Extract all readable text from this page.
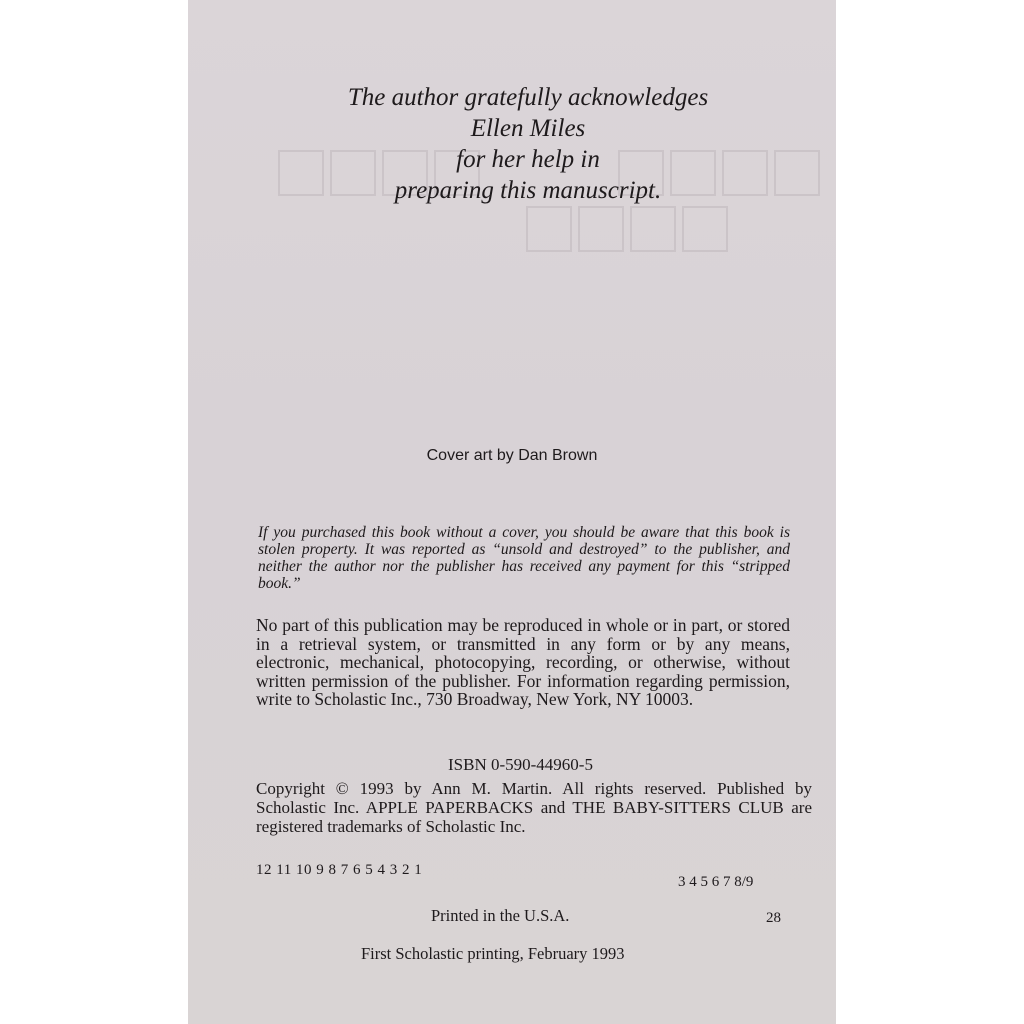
The author gratefully acknowledges
Ellen Miles
for her help in
preparing this manuscript.
Cover art by Dan Brown
If you purchased this book without a cover, you should be aware that this book is stolen property. It was reported as “unsold and destroyed” to the publisher, and neither the author nor the publisher has received any payment for this “stripped book.”
No part of this publication may be reproduced in whole or in part, or stored in a retrieval system, or transmitted in any form or by any means, electronic, mechanical, photocopying, recording, or otherwise, without written permission of the publisher. For information regarding permission, write to Scholastic Inc., 730 Broadway, New York, NY 10003.
ISBN 0-590-44960-5
Copyright © 1993 by Ann M. Martin. All rights reserved. Published by Scholastic Inc. APPLE PAPERBACKS and THE BABY-SITTERS CLUB are registered trademarks of Scholastic Inc.
12 11 10 9 8 7 6 5 4 3 2 1
3 4 5 6 7 8/9
Printed in the U.S.A.	28
First Scholastic printing, February 1993
